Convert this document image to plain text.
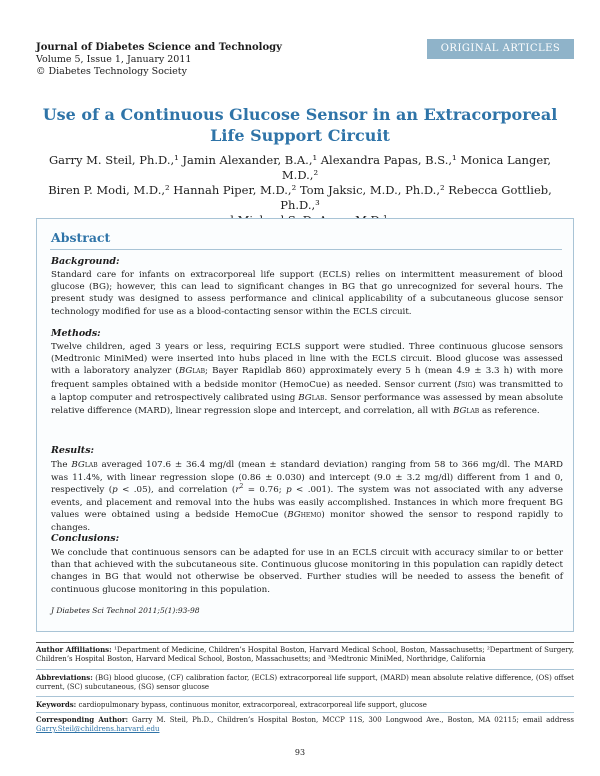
Journal of Diabetes Science and Technology
Volume 5, Issue 1, January 2011
© Diabetes Technology Society
ORIGINAL ARTICLES
Use of a Continuous Glucose Sensor in an Extracorporeal
Life Support Circuit
Garry M. Steil, Ph.D.,¹ Jamin Alexander, B.A.,¹ Alexandra Papas, B.S.,¹ Monica Langer, M.D.,²
Biren P. Modi, M.D.,² Hannah Piper, M.D.,² Tom Jaksic, M.D., Ph.D.,² Rebecca Gottlieb, Ph.D.,³
Abstract
Background:
Standard care for infants on extracorporeal life support (ECLS) relies on intermittent measurement of blood glucose (BG); however, this can lead to significant changes in BG that go unrecognized for several hours. The present study was designed to assess performance and clinical applicability of a subcutaneous glucose sensor technology modified for use as a blood-contacting sensor within the ECLS circuit.
Methods:
Twelve children, aged 3 years or less, requiring ECLS support were studied. Three continuous glucose sensors (Medtronic MiniMed) were inserted into hubs placed in line with the ECLS circuit. Blood glucose was assessed with a laboratory analyzer (BGLAB; Bayer Rapidlab 860) approximately every 5 h (mean 4.9 ± 3.3 h) with more frequent samples obtained with a bedside monitor (HemoCue) as needed. Sensor current (ISIG) was transmitted to a laptop computer and retrospectively calibrated using BGLAB. Sensor performance was assessed by mean absolute relative difference (MARD), linear regression slope and intercept, and correlation, all with BGLAB as reference.
Results:
The BGLAB averaged 107.6 ± 36.4 mg/dl (mean ± standard deviation) ranging from 58 to 366 mg/dl. The MARD was 11.4%, with linear regression slope (0.86 ± 0.030) and intercept (9.0 ± 3.2 mg/dl) different from 1 and 0, respectively (p < .05), and correlation ($r^2 = 0.76$; p < .001). The system was not associated with any adverse events, and placement and removal into the hubs was easily accomplished. Instances in which more frequent BG values were obtained using a bedside HemoCue (BGHEMO) monitor showed the sensor to respond rapidly to changes.
Conclusions:
We conclude that continuous sensors can be adapted for use in an ECLS circuit with accuracy similar to or better than that achieved with the subcutaneous site. Continuous glucose monitoring in this population can rapidly detect changes in BG that would not otherwise be observed. Further studies will be needed to assess the benefit of continuous glucose monitoring in this population.
J Diabetes Sci Technol 2011;5(1):93-98
Author Affiliations: ¹Department of Medicine, Children’s Hospital Boston, Harvard Medical School, Boston, Massachusetts; ²Department of Surgery, Children’s Hospital Boston, Harvard Medical School, Boston, Massachusetts; and ³Medtronic MiniMed, Northridge, California
Abbreviations: (BG) blood glucose, (CF) calibration factor, (ECLS) extracorporeal life support, (MARD) mean absolute relative difference, (OS) offset current, (SC) subcutaneous, (SG) sensor glucose
Keywords: cardiopulmonary bypass, continuous monitor, extracorporeal, extracorporeal life support, glucose
Corresponding Author: Garry M. Steil, Ph.D., Children’s Hospital Boston, MCCP 11S, 300 Longwood Ave., Boston, MA 02115; email address Garry.Steil@childrens.harvard.edu
93
